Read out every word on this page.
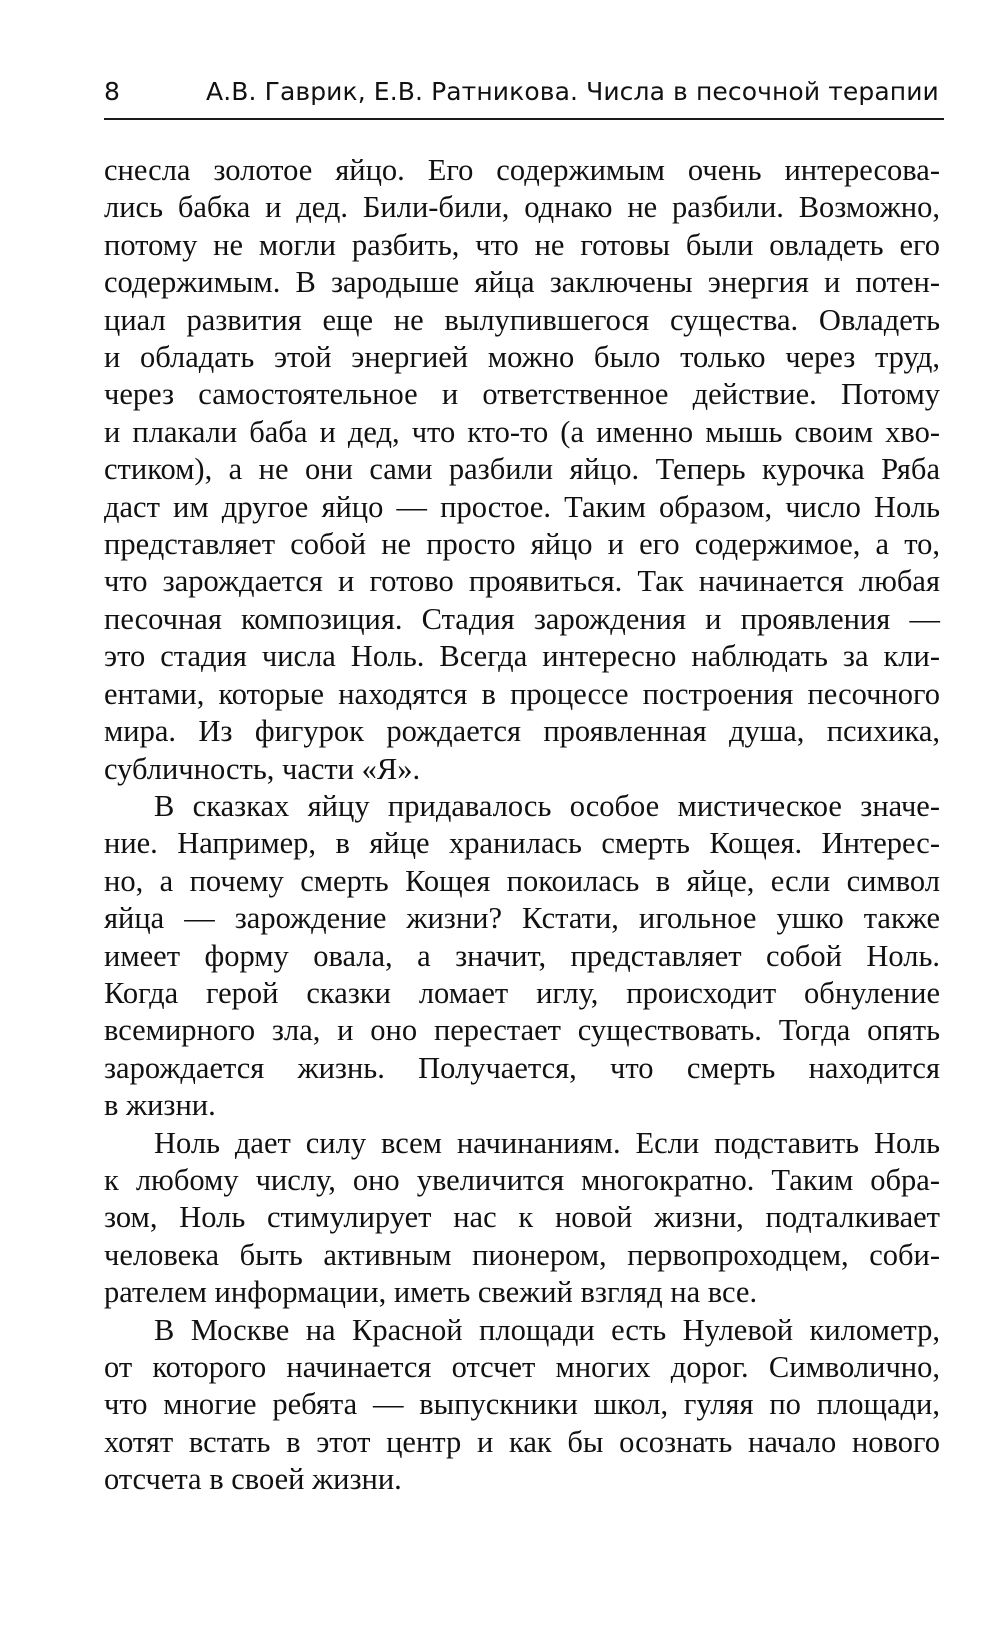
8	А.В. Гаврик, Е.В. Ратникова. Числа в песочной терапии

снесла золотое яйцо. Его содержимым очень интересова-
лись бабка и дед. Били-били, однако не разбили. Возможно,
потому не могли разбить, что не готовы были овладеть его
содержимым. В зародыше яйца заключены энергия и потен-
циал развития еще не вылупившегося существа. Овладеть
и обладать этой энергией можно было только через труд,
через самостоятельное и ответственное действие. Потому
и плакали баба и дед, что кто-то (а именно мышь своим хво-
стиком), а не они сами разбили яйцо. Теперь курочка Ряба
даст им другое яйцо — простое. Таким образом, число Ноль
представляет собой не просто яйцо и его содержимое, а то,
что зарождается и готово проявиться. Так начинается любая
песочная композиция. Стадия зарождения и проявления —
это стадия числа Ноль. Всегда интересно наблюдать за кли-
ентами, которые находятся в процессе построения песочного
мира. Из фигурок рождается проявленная душа, психика,
субличность, части «Я».

В сказках яйцу придавалось особое мистическое значе-
ние. Например, в яйце хранилась смерть Кощея. Интерес-
но, а почему смерть Кощея покоилась в яйце, если символ
яйца — зарождение жизни? Кстати, игольное ушко также
имеет форму овала, а значит, представляет собой Ноль.
Когда герой сказки ломает иглу, происходит обнуление
всемирного зла, и оно перестает существовать. Тогда опять
зарождается жизнь. Получается, что смерть находится
в жизни.

Ноль дает силу всем начинаниям. Если подставить Ноль
к любому числу, оно увеличится многократно. Таким обра-
зом, Ноль стимулирует нас к новой жизни, подталкивает
человека быть активным пионером, первопроходцем, соби-
рателем информации, иметь свежий взгляд на все.

В Москве на Красной площади есть Нулевой километр,
от которого начинается отсчет многих дорог. Символично,
что многие ребята — выпускники школ, гуляя по площади,
хотят встать в этот центр и как бы осознать начало нового
отсчета в своей жизни.
